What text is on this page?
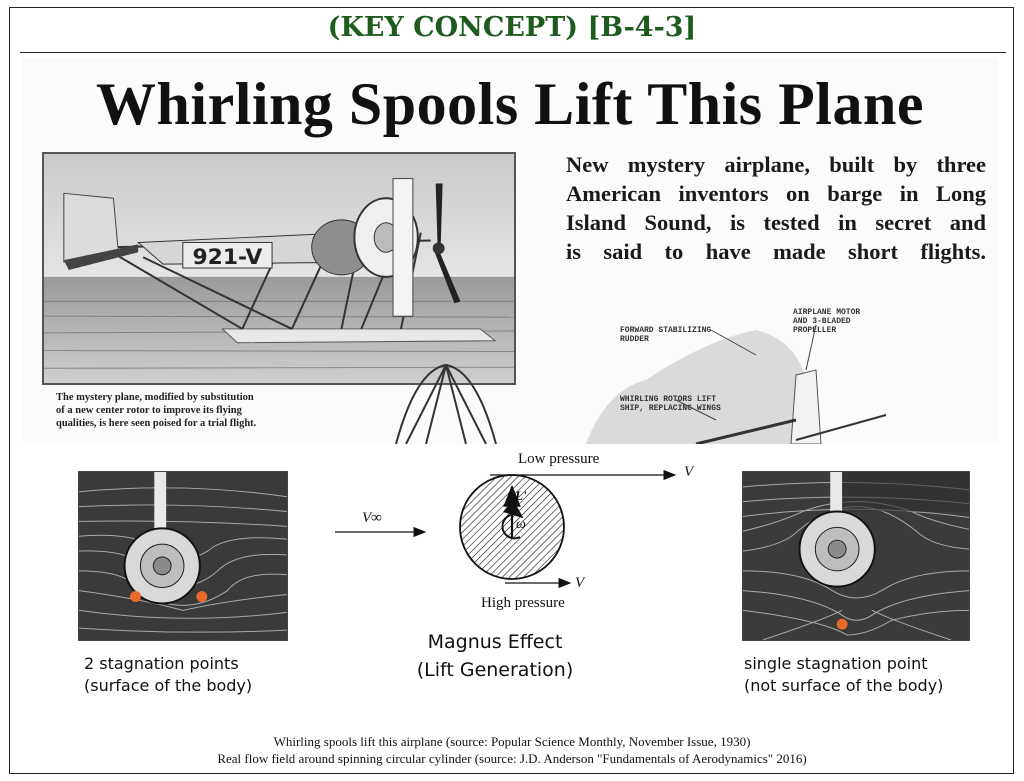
(KEY CONCEPT) [B-4-3]
Whirling Spools Lift This Plane
921-V
New mystery airplane, built by three
American inventors on barge in Long
Island Sound, is tested in secret and
is said to have made short flights.
The mystery plane, modified by substitution
of a new center rotor to improve its flying
qualities, is here seen poised for a trial flight.
FORWARD STABILIZING
RUDDER
AIRPLANE MOTOR
AND 3-BLADED
PROPELLER
WHIRLING ROTORS LIFT
SHIP, REPLACING WINGS
2 stagnation points
(surface of the body)
Low pressure
V
V∞
L'
ω
V
High pressure
Magnus Effect
(Lift Generation)	single stagnation point
(not surface of the body)
Whirling spools lift this airplane (source: Popular Science Monthly, November Issue, 1930)
Real flow field around spinning circular cylinder (source: J.D. Anderson "Fundamentals of Aerodynamics" 2016)
